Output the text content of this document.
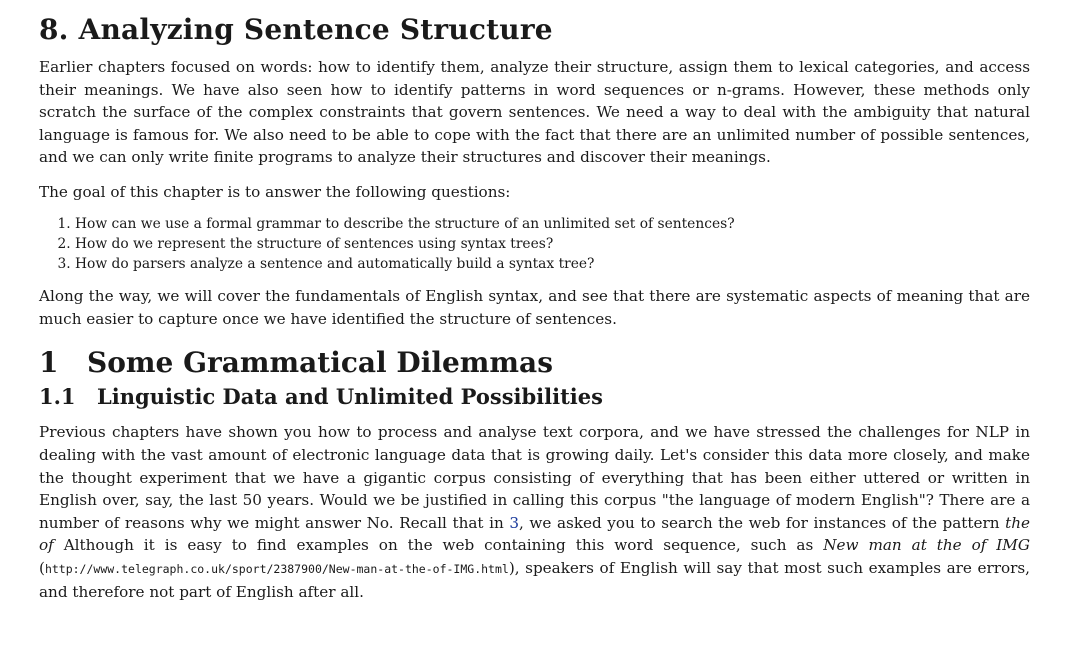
8. Analyzing Sentence Structure

Earlier chapters focused on words: how to identify them, analyze their structure, assign them to lexical categories, and access their meanings. We have also seen how to identify patterns in word sequences or n-grams. However, these methods only scratch the surface of the complex constraints that govern sentences. We need a way to deal with the ambiguity that natural language is famous for. We also need to be able to cope with the fact that there are an unlimited number of possible sentences, and we can only write finite programs to analyze their structures and discover their meanings.

The goal of this chapter is to answer the following questions:

1. How can we use a formal grammar to describe the structure of an unlimited set of sentences?
2. How do we represent the structure of sentences using syntax trees?
3. How do parsers analyze a sentence and automatically build a syntax tree?

Along the way, we will cover the fundamentals of English syntax, and see that there are systematic aspects of meaning that are much easier to capture once we have identified the structure of sentences.

1 Some Grammatical Dilemmas
1.1 Linguistic Data and Unlimited Possibilities

Previous chapters have shown you how to process and analyse text corpora, and we have stressed the challenges for NLP in dealing with the vast amount of electronic language data that is growing daily. Let's consider this data more closely, and make the thought experiment that we have a gigantic corpus consisting of everything that has been either uttered or written in English over, say, the last 50 years. Would we be justified in calling this corpus "the language of modern English"? There are a number of reasons why we might answer No. Recall that in 3, we asked you to search the web for instances of the pattern the of Although it is easy to find examples on the web containing this word sequence, such as New man at the of IMG (http://www.telegraph.co.uk/sport/2387900/New-man-at-the-of-IMG.html), speakers of English will say that most such examples are errors, and therefore not part of English after all.
